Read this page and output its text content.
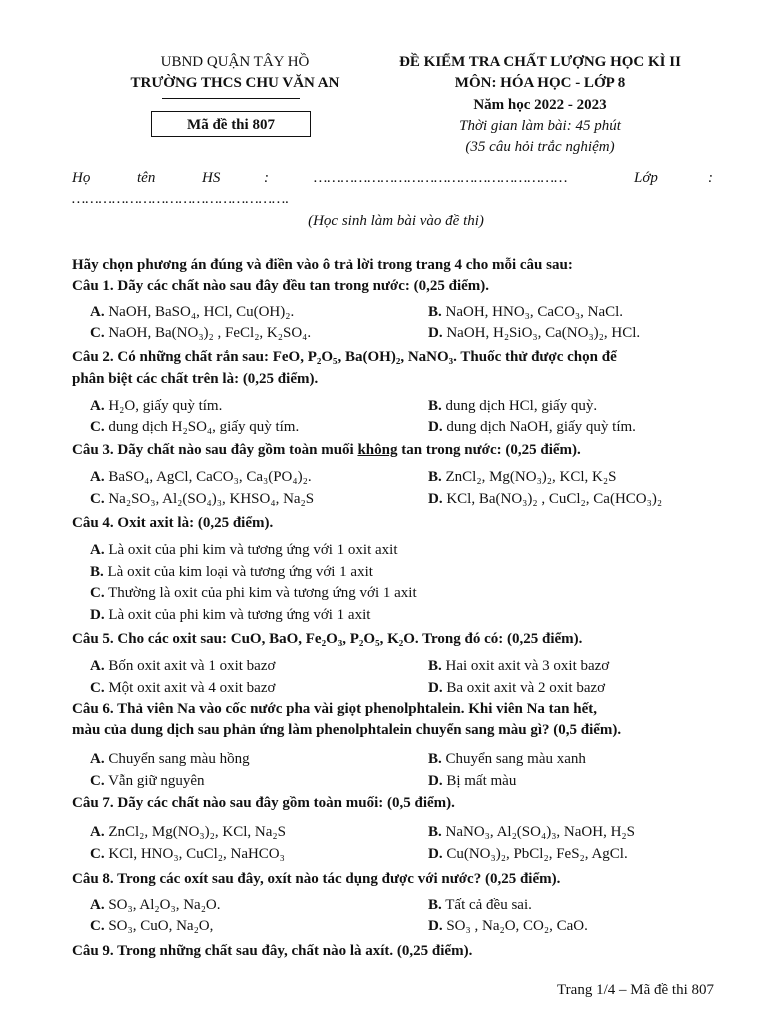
UBND QUẬN TÂY HỒ
TRƯỜNG THCS CHU VĂN AN
Mã đề thi 807
ĐỀ KIỂM TRA CHẤT LƯỢNG HỌC KÌ II
MÔN: HÓA HỌC - LỚP 8
Năm học 2022 - 2023
Thời gian làm bài: 45 phút
(35 câu hỏi trắc nghiệm)
Họ	tên	HS	:	…………………………………………………	Lớp	:
………………………………………….
(Học sinh làm bài vào đề thi)
Hãy chọn phương án đúng và điền vào ô trả lời trong trang 4 cho mỗi câu sau:
Câu 1. Dãy các chất nào sau đây đều tan trong nước: (0,25 điểm).
A. NaOH, BaSO₄, HCl, Cu(OH)₂.	B. NaOH, HNO₃, CaCO₃, NaCl.
C. NaOH, Ba(NO₃)₂ , FeCl₂, K₂SO₄.	D. NaOH, H₂SiO₃, Ca(NO₃)₂, HCl.
Câu 2. Có những chất rắn sau: FeO, P₂O₅, Ba(OH)₂, NaNO₃. Thuốc thử được chọn để
phân biệt các chất trên là: (0,25 điểm).
A. H₂O, giấy quỳ tím.	B. dung dịch HCl, giấy quỳ.
C. dung dịch H₂SO₄, giấy quỳ tím.	D. dung dịch NaOH, giấy quỳ tím.
Câu 3. Dãy chất nào sau đây gồm toàn muối không tan trong nước: (0,25 điểm).
A. BaSO₄, AgCl, CaCO₃, Ca₃(PO₄)₂.	B. ZnCl₂, Mg(NO₃)₂, KCl, K₂S
C. Na₂SO₃, Al₂(SO₄)₃, KHSO₄, Na₂S	D. KCl, Ba(NO₃)₂ , CuCl₂, Ca(HCO₃)₂
Câu 4. Oxit axit là: (0,25 điểm).
A. Là oxit của phi kim và tương ứng với 1 oxit axit
B. Là oxit của kim loại và tương ứng với 1 axit
C. Thường là oxit của phi kim và tương ứng với 1 axit
D. Là oxit của phi kim và tương ứng với 1 axit
Câu 5. Cho các oxit sau: CuO, BaO, Fe₂O₃, P₂O₅, K₂O. Trong đó có: (0,25 điểm).
A. Bốn oxit axit và 1 oxit bazơ	B. Hai oxit axit và 3 oxit bazơ
C. Một oxit axit và 4 oxit bazơ	D. Ba oxit axit và 2 oxit bazơ
Câu 6. Thả viên Na vào cốc nước pha vài giọt phenolphtalein. Khi viên Na tan hết,
màu của dung dịch sau phản ứng làm phenolphtalein chuyển sang màu gì? (0,5 điểm).
A. Chuyển sang màu hồng	B. Chuyển sang màu xanh
C. Vẫn giữ nguyên	D. Bị mất màu
Câu 7. Dãy các chất nào sau đây gồm toàn muối: (0,5 điểm).
A. ZnCl₂, Mg(NO₃)₂, KCl, Na₂S	B. NaNO₃, Al₂(SO₄)₃, NaOH, H₂S
C. KCl, HNO₃, CuCl₂, NaHCO₃	D. Cu(NO₃)₂, PbCl₂, FeS₂, AgCl.
Câu 8. Trong các oxít sau đây, oxít nào tác dụng được với nước? (0,25 điểm).
A. SO₃, Al₂O₃, Na₂O.	B. Tất cả đều sai.
C. SO₃, CuO, Na₂O,	D. SO₃ , Na₂O, CO₂, CaO.
Câu 9. Trong những chất sau đây, chất nào là axít. (0,25 điểm).
Trang 1/4 – Mã đề thi 807
